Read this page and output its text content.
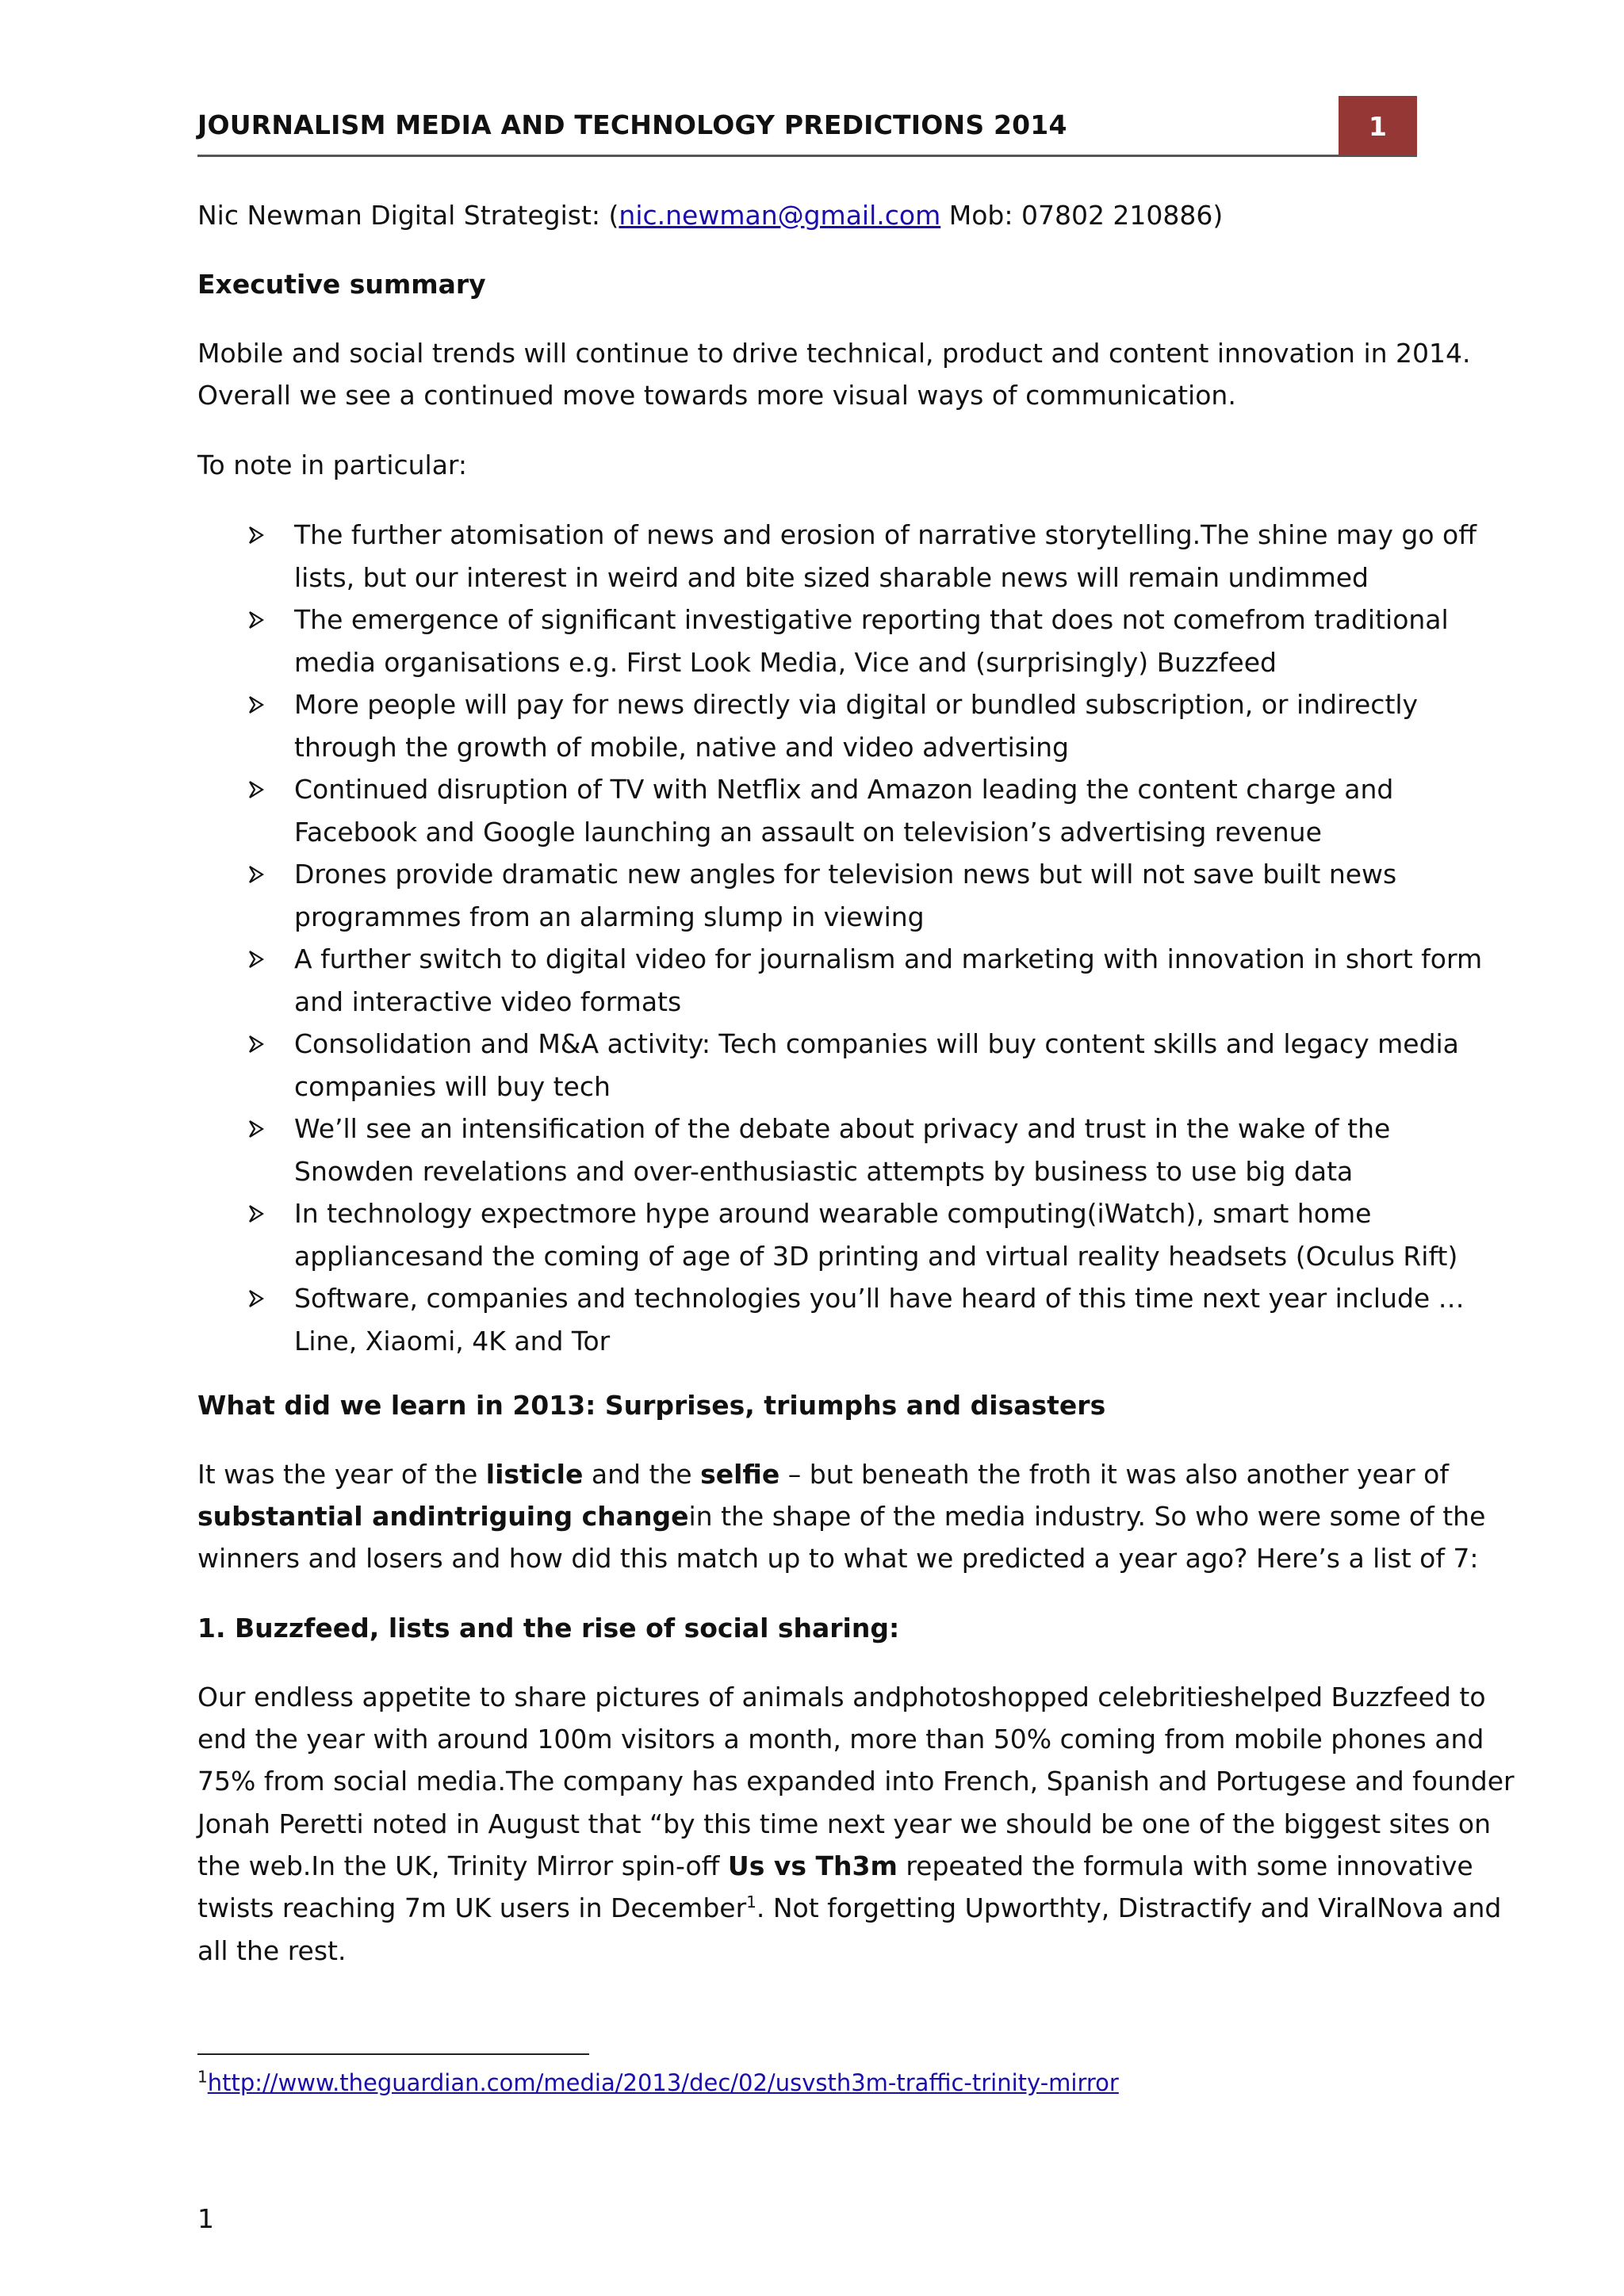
JOURNALISM MEDIA AND TECHNOLOGY PREDICTIONS 2014	1
Nic Newman Digital Strategist: (nic.newman@gmail.com Mob: 07802 210886)
Executive summary
Mobile and social trends will continue to drive technical, product and content innovation in 2014.
Overall we see a continued move towards more visual ways of communication.
To note in particular:
The further atomisation of news and erosion of narrative storytelling.The shine may go off
lists, but our interest in weird and bite sized sharable news will remain undimmed
The emergence of significant investigative reporting that does not comefrom traditional
media organisations e.g. First Look Media, Vice and (surprisingly) Buzzfeed
More people will pay for news directly via digital or bundled subscription, or indirectly
through the growth of mobile, native and video advertising
Continued disruption of TV with Netflix and Amazon leading the content charge and
Facebook and Google launching an assault on television’s advertising revenue
Drones provide dramatic new angles for television news but will not save built news
programmes from an alarming slump in viewing
A further switch to digital video for journalism and marketing with innovation in short form
and interactive video formats
Consolidation and M&A activity: Tech companies will buy content skills and legacy media
companies will buy tech
We’ll see an intensification of the debate about privacy and trust in the wake of the
Snowden revelations and over-enthusiastic attempts by business to use big data
In technology expectmore hype around wearable computing(iWatch), smart home
appliancesand the coming of age of 3D printing and virtual reality headsets (Oculus Rift)
Software, companies and technologies you’ll have heard of this time next year include …
Line, Xiaomi, 4K and Tor
What did we learn in 2013: Surprises, triumphs and disasters
It was the year of the listicle and the selfie – but beneath the froth it was also another year of
substantial andintriguing changein the shape of the media industry. So who were some of the
winners and losers and how did this match up to what we predicted a year ago? Here’s a list of 7:
1. Buzzfeed, lists and the rise of social sharing:
Our endless appetite to share pictures of animals andphotoshopped celebritieshelped Buzzfeed to
end the year with around 100m visitors a month, more than 50% coming from mobile phones and
75% from social media.The company has expanded into French, Spanish and Portugese and founder
Jonah Peretti noted in August that “by this time next year we should be one of the biggest sites on
the web.In the UK, Trinity Mirror spin-off Us vs Th3m repeated the formula with some innovative
twists reaching 7m UK users in December$^1$. Not forgetting Upworthty, Distractify and ViralNova and
all the rest.
$^1$http://www.theguardian.com/media/2013/dec/02/usvsth3m-traffic-trinity-mirror
1
